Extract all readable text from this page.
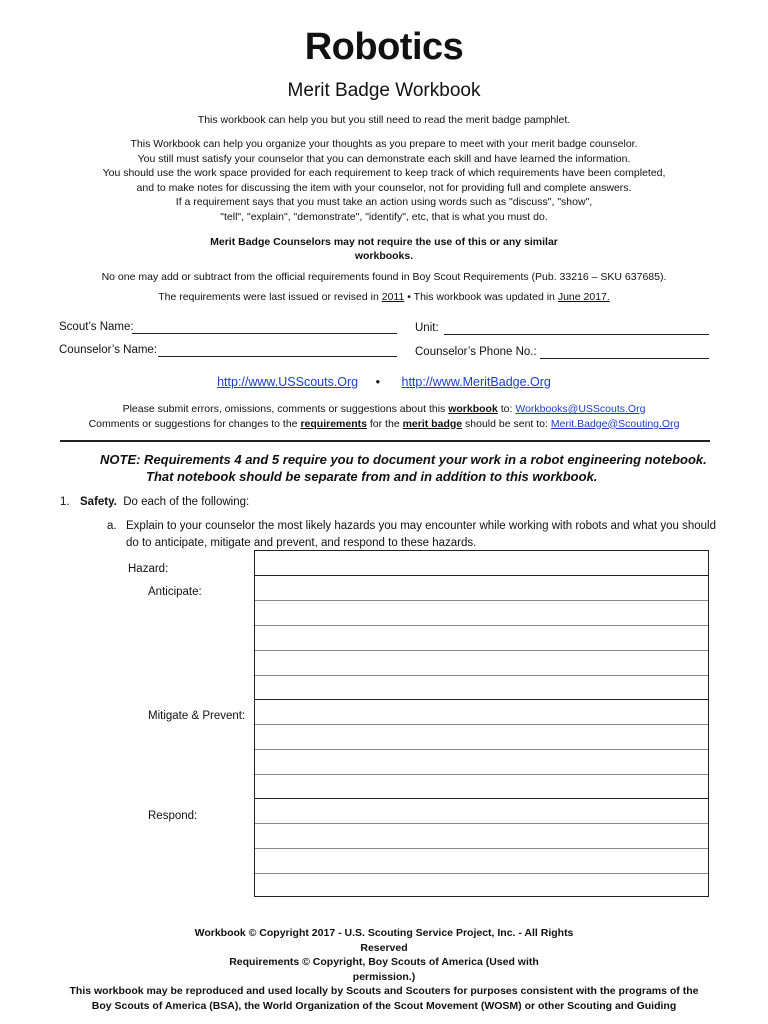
Robotics
Merit Badge Workbook
This workbook can help you but you still need to read the merit badge pamphlet.
This Workbook can help you organize your thoughts as you prepare to meet with your merit badge counselor.
You still must satisfy your counselor that you can demonstrate each skill and have learned the information.
You should use the work space provided for each requirement to keep track of which requirements have been completed,
and to make notes for discussing the item with your counselor, not for providing full and complete answers.
If a requirement says that you must take an action using words such as "discuss", "show",
"tell", "explain", "demonstrate", "identify", etc, that is what you must do.
Merit Badge Counselors may not require the use of this or any similar workbooks.
No one may add or subtract from the official requirements found in Boy Scout Requirements (Pub. 33216 – SKU 637685).
The requirements were last issued or revised in 2011 • This workbook was updated in June 2017.
Scout’s Name:	Unit:
Counselor’s Name:	Counselor’s Phone No.:
http://www.USScouts.Org • http://www.MeritBadge.Org
Please submit errors, omissions, comments or suggestions about this workbook to: Workbooks@USScouts.Org
Comments or suggestions for changes to the requirements for the merit badge should be sent to: Merit.Badge@Scouting.Org
NOTE: Requirements 4 and 5 require you to document your work in a robot engineering notebook.
That notebook should be separate from and in addition to this workbook.
1. Safety. Do each of the following:
a. Explain to your counselor the most likely hazards you may encounter while working with robots and what you should
do to anticipate, mitigate and prevent, and respond to these hazards.
Hazard:
Anticipate:
Mitigate & Prevent:
Respond:
Workbook © Copyright 2017 - U.S. Scouting Service Project, Inc. - All Rights
Reserved
Requirements © Copyright, Boy Scouts of America (Used with
permission.)
This workbook may be reproduced and used locally by Scouts and Scouters for purposes consistent with the programs of the
Boy Scouts of America (BSA), the World Organization of the Scout Movement (WOSM) or other Scouting and Guiding
